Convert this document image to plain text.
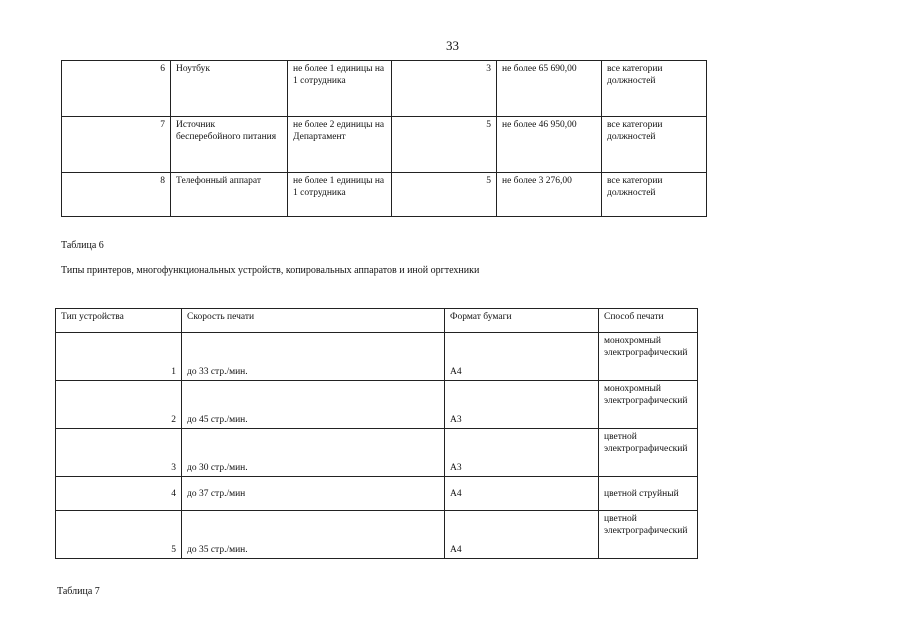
33
6	Ноутбук	не более 1 единицы на 1 сотрудника	3	не более 65 690,00	все категории должностей
7	Источник бесперебойного питания	не более 2 единицы на Департамент	5	не более 46 950,00	все категории должностей
8	Телефонный аппарат	не более 1 единицы на 1 сотрудника	5	не более 3 276,00	все категории должностей
Таблица 6
Типы принтеров, многофункциональных устройств, копировальных аппаратов и иной оргтехники
Тип устройства	Скорость печати	Формат бумаги	Способ печати
1	до 33 стр./мин.	А4	монохромный электрографический
2	до 45 стр./мин.	А3	монохромный электрографический
3	до 30 стр./мин.	А3	цветной электрографический
4	до 37 стр./мин	А4	цветной струйный
5	до 35 стр./мин.	А4	цветной электрографический
Таблица 7
